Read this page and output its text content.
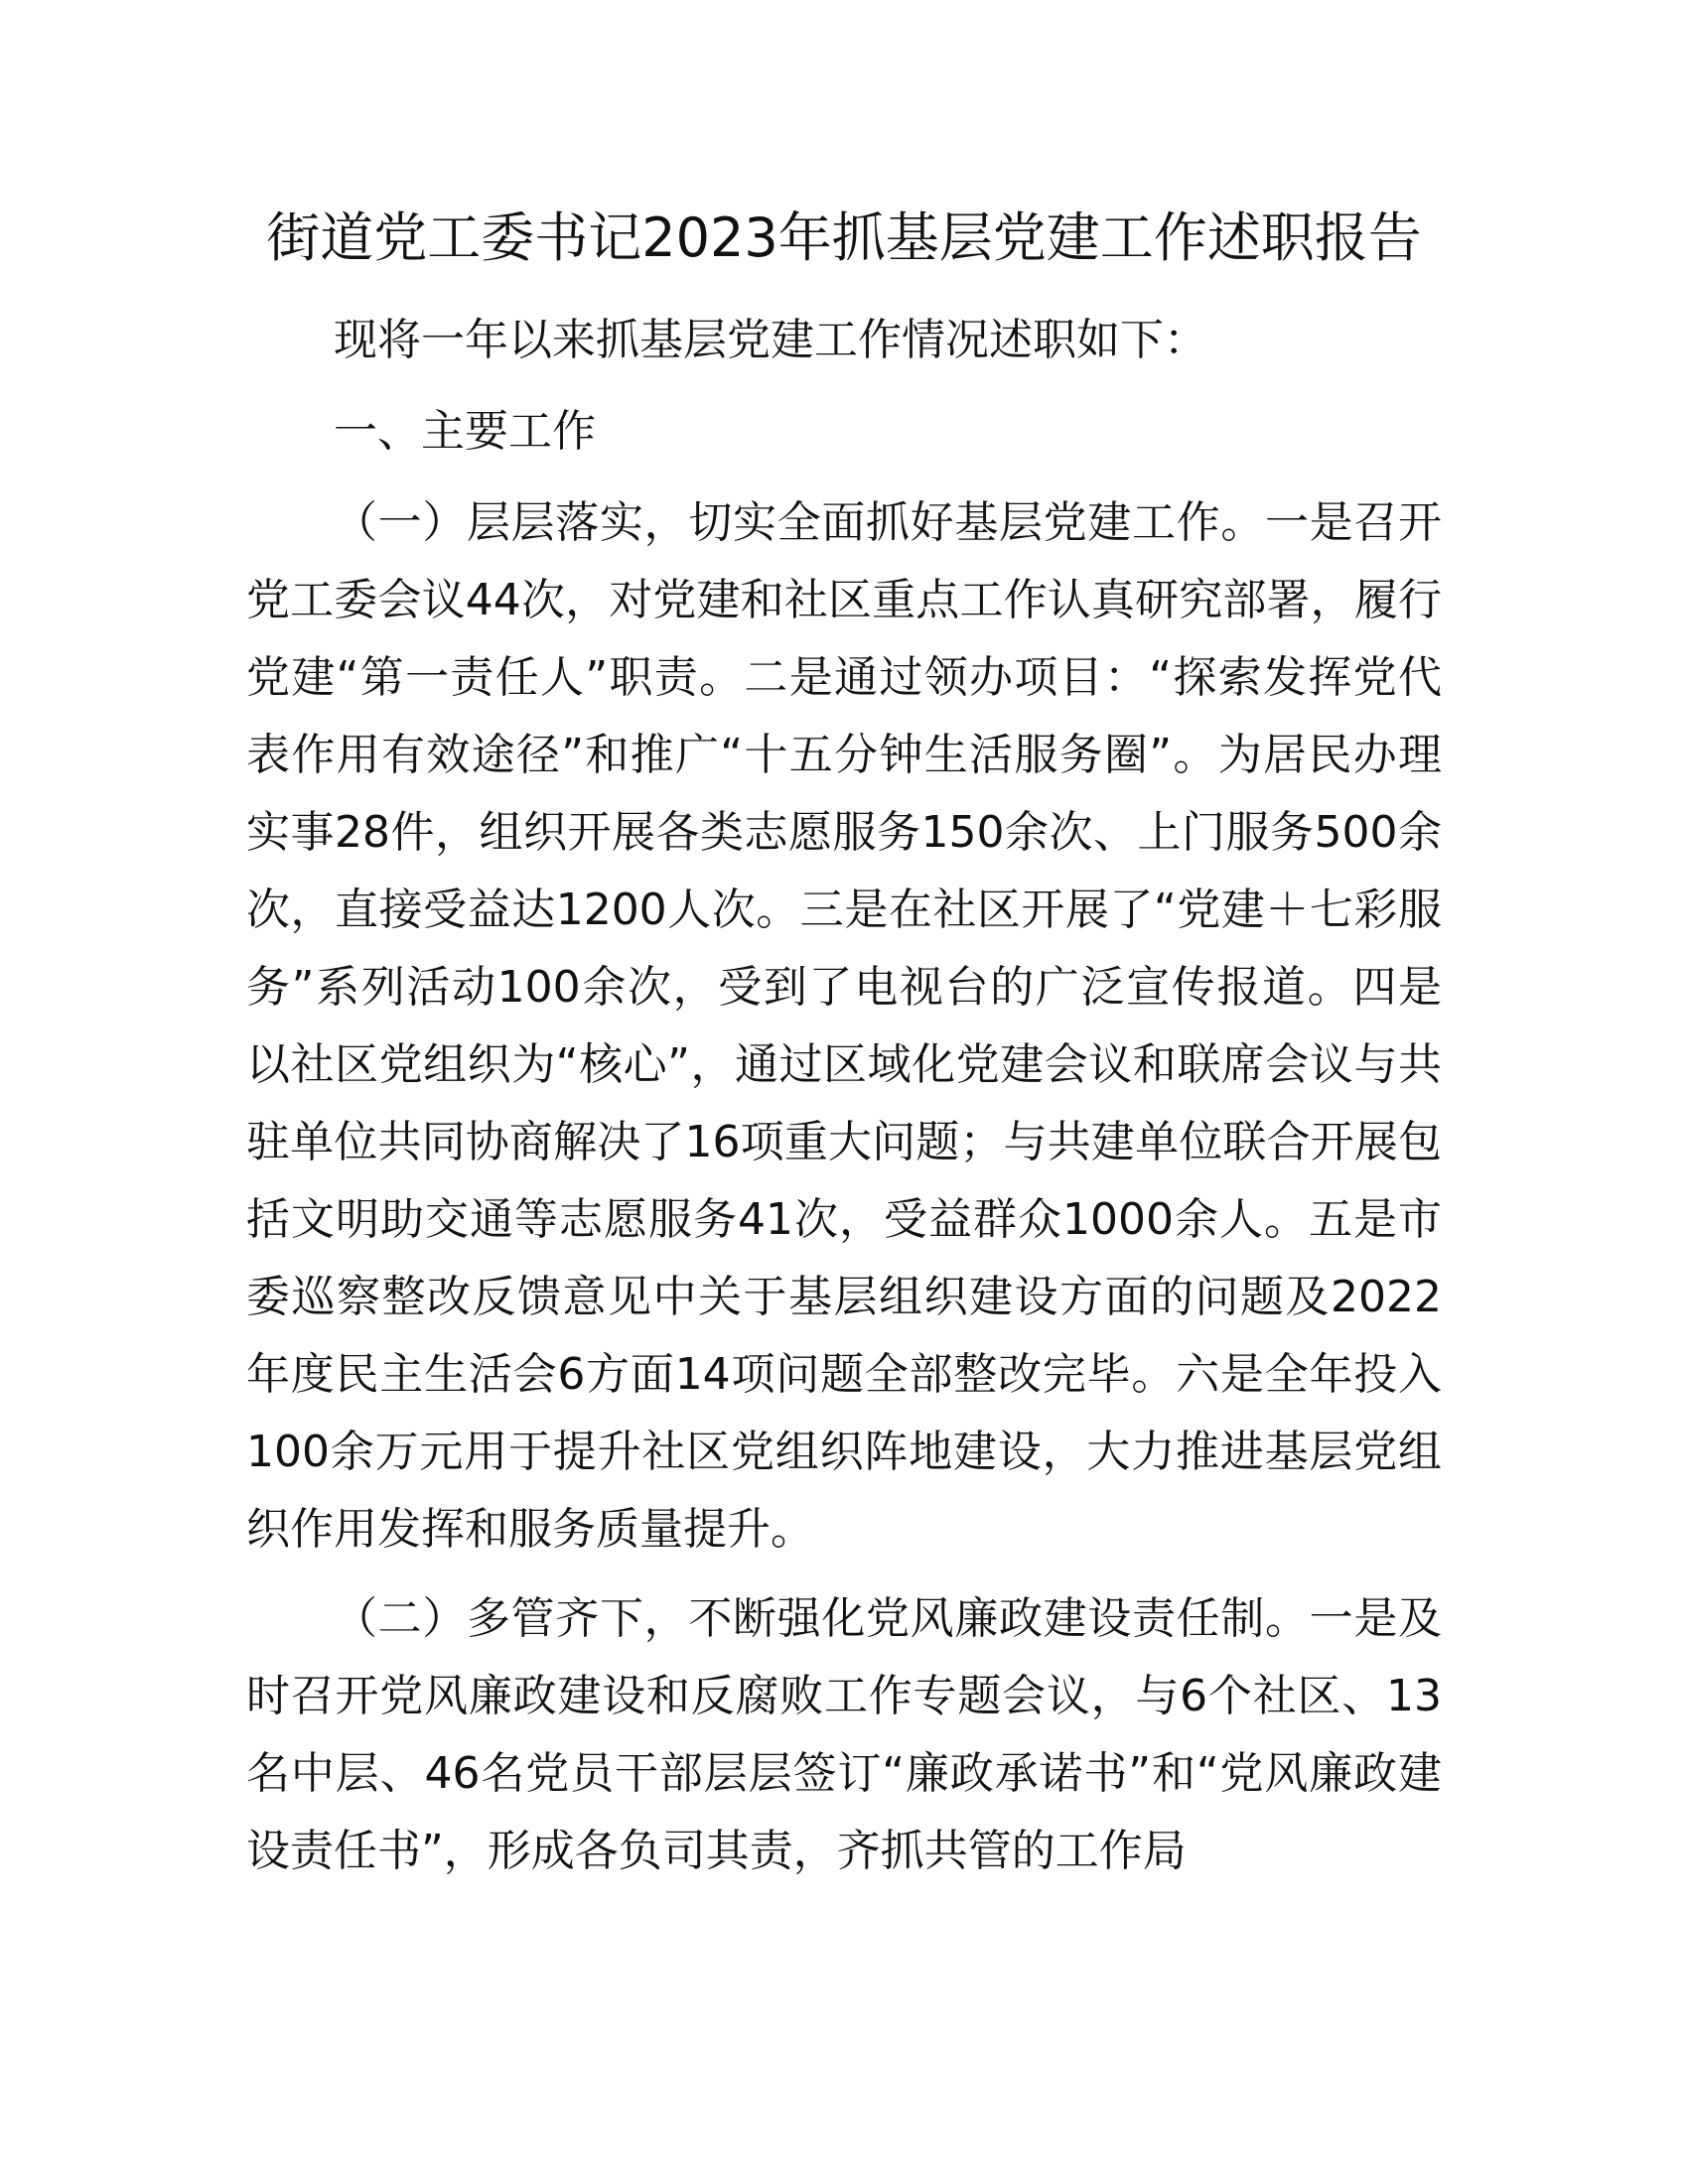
街道党工委书记2023年抓基层党建工作述职报告

现将一年以来抓基层党建工作情况述职如下：

一、主要工作

（一）层层落实，切实全面抓好基层党建工作。一是召开党工委会议44次，对党建和社区重点工作认真研究部署，履行党建“第一责任人”职责。二是通过领办项目：“探索发挥党代表作用有效途径”和推广“十五分钟生活服务圈”。为居民办理实事28件，组织开展各类志愿服务150余次、上门服务500余次，直接受益达1200人次。三是在社区开展了“党建＋七彩服务”系列活动100余次，受到了电视台的广泛宣传报道。四是以社区党组织为“核心”，通过区域化党建会议和联席会议与共驻单位共同协商解决了16项重大问题；与共建单位联合开展包括文明助交通等志愿服务41次，受益群众1000余人。五是市委巡察整改反馈意见中关于基层组织建设方面的问题及2022年度民主生活会6方面14项问题全部整改完毕。六是全年投入100余万元用于提升社区党组织阵地建设，大力推进基层党组织作用发挥和服务质量提升。

（二）多管齐下，不断强化党风廉政建设责任制。一是及时召开党风廉政建设和反腐败工作专题会议，与6个社区、13名中层、46名党员干部层层签订“廉政承诺书”和“党风廉政建设责任书”，形成各负司其责，齐抓共管的工作局
